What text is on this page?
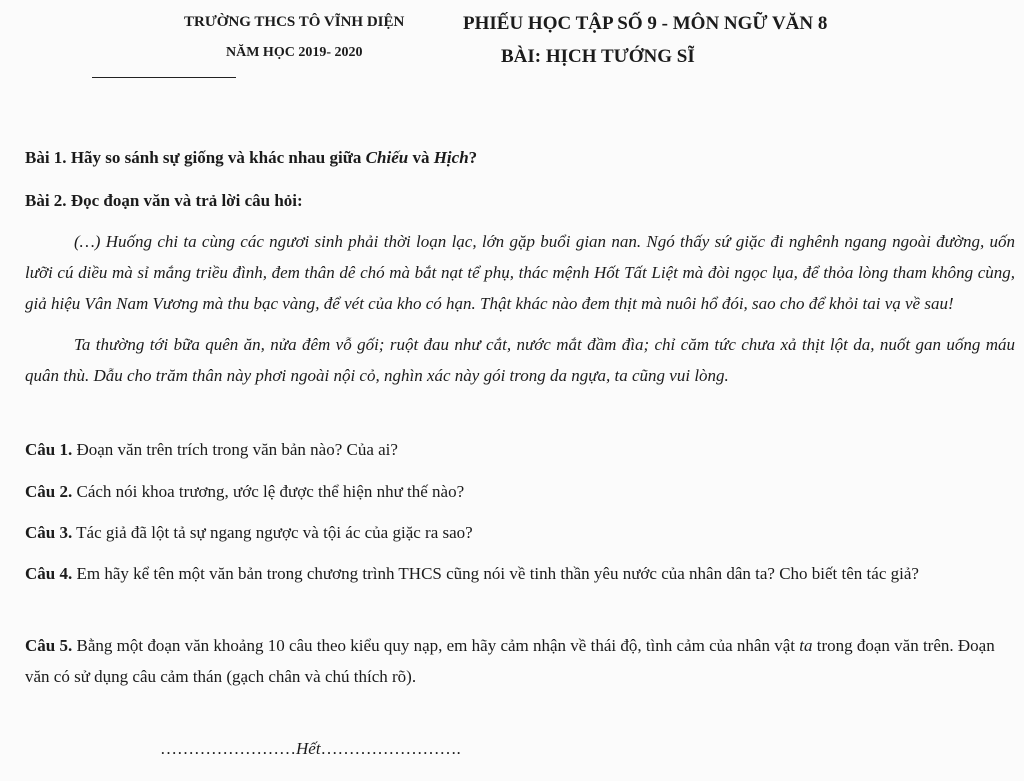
TRƯỜNG THCS TÔ VĨNH DIỆN
NĂM HỌC 2019- 2020
PHIẾU HỌC TẬP SỐ 9 - MÔN NGỮ VĂN 8
BÀI: HỊCH TƯỚNG SĨ
Bài 1. Hãy so sánh sự giống và khác nhau giữa Chiếu và Hịch?
Bài 2. Đọc đoạn văn và trả lời câu hỏi:

(…) Huống chi ta cùng các ngươi sinh phải thời loạn lạc, lớn gặp buổi gian nan. Ngó thấy sứ giặc đi nghênh ngang ngoài đường, uốn lưỡi cú diều mà sỉ mắng triều đình, đem thân dê chó mà bắt nạt tể phụ, thác mệnh Hốt Tất Liệt mà đòi ngọc lụa, để thỏa lòng tham không cùng, giả hiệu Vân Nam Vương mà thu bạc vàng, để vét của kho có hạn. Thật khác nào đem thịt mà nuôi hổ đói, sao cho để khỏi tai vạ về sau!

Ta thường tới bữa quên ăn, nửa đêm vỗ gối; ruột đau như cắt, nước mắt đầm đìa; chỉ căm tức chưa xả thịt lột da, nuốt gan uống máu quân thù. Dẫu cho trăm thân này phơi ngoài nội cỏ, nghìn xác này gói trong da ngựa, ta cũng vui lòng.

Câu 1. Đoạn văn trên trích trong văn bản nào? Của ai?
Câu 2. Cách nói khoa trương, ước lệ được thể hiện như thế nào?
Câu 3. Tác giả đã lột tả sự ngang ngược và tội ác của giặc ra sao?
Câu 4. Em hãy kể tên một văn bản trong chương trình THCS cũng nói về tinh thần yêu nước của nhân dân ta? Cho biết tên tác giả?
Câu 5. Bằng một đoạn văn khoảng 10 câu theo kiểu quy nạp, em hãy cảm nhận về thái độ, tình cảm của nhân vật ta trong đoạn văn trên. Đoạn văn có sử dụng câu cảm thán (gạch chân và chú thích rõ).
……………………Hết…………………….
